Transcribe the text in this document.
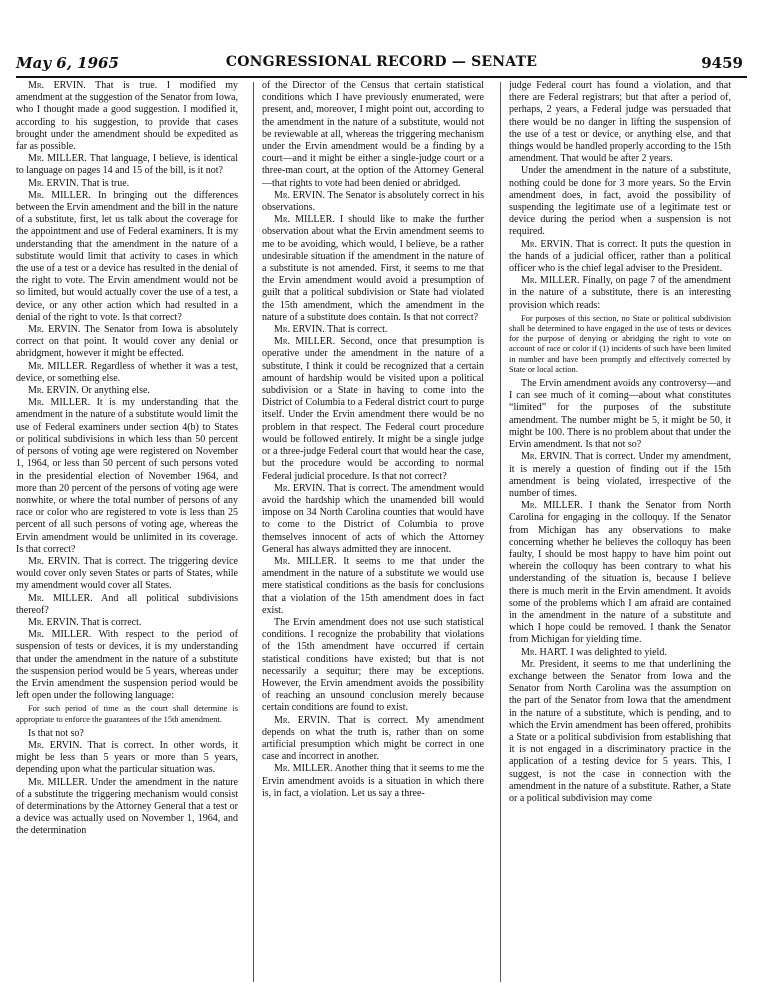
May 6, 1965	CONGRESSIONAL RECORD — SENATE	9459

Mr. ERVIN. That is true. I modified my amendment at the suggestion of the Senator from Iowa, who I thought made a good suggestion. I modified it, according to his suggestion, to provide that cases brought under the amendment should be expedited as far as possible.

Mr. MILLER. That language, I believe, is identical to language on pages 14 and 15 of the bill, is it not?

Mr. ERVIN. That is true.

Mr. MILLER. In bringing out the differences between the Ervin amendment and the bill in the nature of a substitute, first, let us talk about the coverage for the appointment and use of Federal examiners. It is my understanding that the amendment in the nature of a substitute would limit that activity to cases in which the use of a test or a device has resulted in the denial of the right to vote. The Ervin amendment would not be so limited, but would actually cover the use of a test, a device, or any other action which had resulted in a denial of the right to vote. Is that correct?

Mr. ERVIN. The Senator from Iowa is absolutely correct on that point. It would cover any denial or abridgment, however it might be effected.

Mr. MILLER. Regardless of whether it was a test, device, or something else.

Mr. ERVIN. Or anything else.

Mr. MILLER. It is my understanding that the amendment in the nature of a substitute would limit the use of Federal examiners under section 4(b) to States or political subdivisions in which less than 50 percent of persons of voting age were registered on November 1, 1964, or less than 50 percent of such persons voted in the presidential election of November 1964, and more than 20 percent of the persons of voting age were nonwhite, or where the total number of persons of any race or color who are registered to vote is less than 25 percent of all such persons of voting age, whereas the Ervin amendment would be unlimited in its coverage. Is that correct?

Mr. ERVIN. That is correct. The triggering device would cover only seven States or parts of States, while my amendment would cover all States.

Mr. MILLER. And all political subdivisions thereof?

Mr. ERVIN. That is correct.

Mr. MILLER. With respect to the period of suspension of tests or devices, it is my understanding that under the amendment in the nature of a substitute the suspension period would be 5 years, whereas under the Ervin amendment the suspension period would be left open under the following language:

For such period of time as the court shall determine is appropriate to enforce the guarantees of the 15th amendment.

Is that not so?

Mr. ERVIN. That is correct. In other words, it might be less than 5 years or more than 5 years, depending upon what the particular situation was.

Mr. MILLER. Under the amendment in the nature of a substitute the triggering mechanism would consist of determinations by the Attorney General that a test or a device was actually used on November 1, 1964, and the determination

of the Director of the Census that certain statistical conditions which I have previously enumerated, were present, and, moreover, I might point out, according to the amendment in the nature of a substitute, would not be reviewable at all, whereas the triggering mechanism under the Ervin amendment would be a finding by a court—and it might be either a single-judge court or a three-man court, at the option of the Attorney General—that rights to vote had been denied or abridged.

Mr. ERVIN. The Senator is absolutely correct in his observations.

Mr. MILLER. I should like to make the further observation about what the Ervin amendment seems to me to be avoiding, which would, I believe, be a rather undesirable situation if the amendment in the nature of a substitute is not amended. First, it seems to me that the Ervin amendment would avoid a presumption of guilt that a political subdivision or State had violated the 15th amendment, which the amendment in the nature of a substitute does contain. Is that not correct?

Mr. ERVIN. That is correct.

Mr. MILLER. Second, once that presumption is operative under the amendment in the nature of a substitute, I think it could be recognized that a certain amount of hardship would be visited upon a political subdivision or a State in having to come into the District of Columbia to a Federal district court to purge itself. Under the Ervin amendment there would be no problem in that respect. The Federal court procedure would be followed entirely. It might be a single judge or a three-judge Federal court that would hear the case, but the procedure would be according to normal Federal judicial procedure. Is that not correct?

Mr. ERVIN. That is correct. The amendment would avoid the hardship which the unamended bill would impose on 34 North Carolina counties that would have to come to the District of Columbia to prove themselves innocent of acts of which the Attorney General has always admitted they are innocent.

Mr. MILLER. It seems to me that under the amendment in the nature of a substitute we would use mere statistical conditions as the basis for conclusions that a violation of the 15th amendment does in fact exist.

The Ervin amendment does not use such statistical conditions. I recognize the probability that violations of the 15th amendment have occurred if certain statistical conditions have existed; but that is not necessarily a sequitur; there may be exceptions. However, the Ervin amendment avoids the possibility of reaching an unsound conclusion merely because certain conditions are found to exist.

Mr. ERVIN. That is correct. My amendment depends on what the truth is, rather than on some artificial presumption which might be correct in one case and incorrect in another.

Mr. MILLER. Another thing that it seems to me the Ervin amendment avoids is a situation in which there is, in fact, a violation. Let us say a three-

judge Federal court has found a violation, and that there are Federal registrars; but that after a period of, perhaps, 2 years, a Federal judge was persuaded that there would be no danger in lifting the suspension of the use of a test or device, or anything else, and that things would be handled properly according to the 15th amendment. That would be after 2 years.

Under the amendment in the nature of a substitute, nothing could be done for 3 more years. So the Ervin amendment does, in fact, avoid the possibility of suspending the legitimate use of a legitimate test or device during the period when a suspension is not required.

Mr. ERVIN. That is correct. It puts the question in the hands of a judicial officer, rather than a political officer who is the chief legal adviser to the President.

Mr. MILLER. Finally, on page 7 of the amendment in the nature of a substitute, there is an interesting provision which reads:

For purposes of this section, no State or political subdivision shall be determined to have engaged in the use of tests or devices for the purpose of denying or abridging the right to vote on account of race or color if (1) incidents of such have been limited in number and have been promptly and effectively corrected by State or local action.

The Ervin amendment avoids any controversy—and I can see much of it coming—about what constitutes “limited” for the purposes of the substitute amendment. The number might be 5, it might be 50, it might be 100. There is no problem about that under the Ervin amendment. Is that not so?

Mr. ERVIN. That is correct. Under my amendment, it is merely a question of finding out if the 15th amendment is being violated, irrespective of the number of times.

Mr. MILLER. I thank the Senator from North Carolina for engaging in the colloquy. If the Senator from Michigan has any observations to make concerning whether he believes the colloquy has been faulty, I should be most happy to have him point out wherein the colloquy has been contrary to what his understanding of the situation is, because I believe there is much merit in the Ervin amendment. It avoids some of the problems which I am afraid are contained in the amendment in the nature of a substitute and which I hope could be removed. I thank the Senator from Michigan for yielding time.

Mr. HART. I was delighted to yield.

Mr. President, it seems to me that underlining the exchange between the Senator from Iowa and the Senator from North Carolina was the assumption on the part of the Senator from Iowa that the amendment in the nature of a substitute, which is pending, and to which the Ervin amendment has been offered, prohibits a State or a political subdivision from establishing that it is not engaged in a discriminatory practice in the application of a testing device for 5 years. This, I suggest, is not the case in connection with the amendment in the nature of a substitute. Rather, a State or a political subdivision may come
